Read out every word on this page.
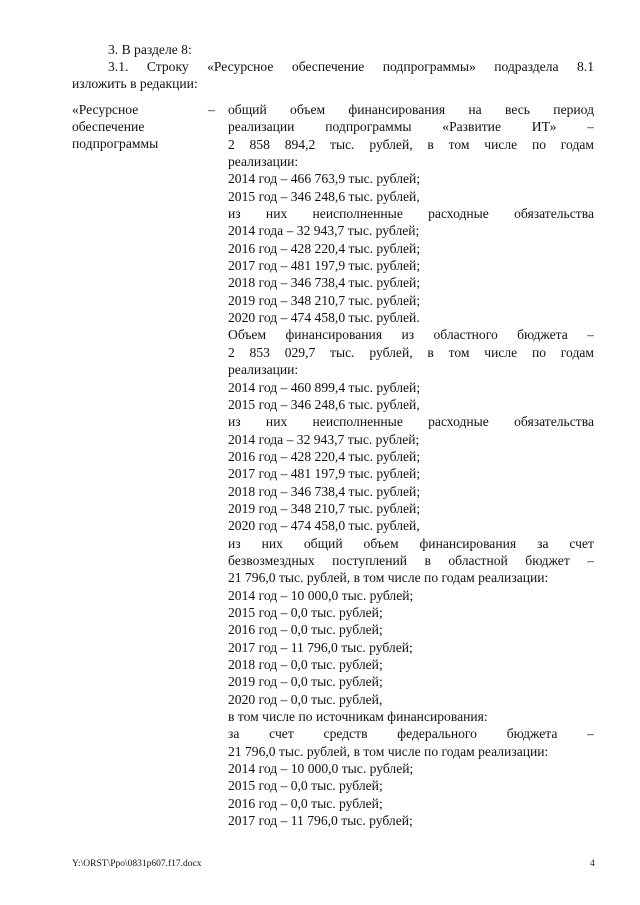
3. В разделе 8:
3.1. Строку «Ресурсное обеспечение подпрограммы» подраздела 8.1
изложить в редакции:
«Ресурсное
обеспечение
подпрограммы
– общий объем финансирования на весь период
реализации подпрограммы «Развитие ИТ» –
2 858 894,2 тыс. рублей, в том числе по годам
реализации:
2014 год – 466 763,9 тыс. рублей;
2015 год – 346 248,6 тыс. рублей,
из них неисполненные расходные обязательства
2014 года – 32 943,7 тыс. рублей;
2016 год – 428 220,4 тыс. рублей;
2017 год – 481 197,9 тыс. рублей;
2018 год – 346 738,4 тыс. рублей;
2019 год – 348 210,7 тыс. рублей;
2020 год – 474 458,0 тыс. рублей.
Объем финансирования из областного бюджета –
2 853 029,7 тыс. рублей, в том числе по годам
реализации:
2014 год – 460 899,4 тыс. рублей;
2015 год – 346 248,6 тыс. рублей,
из них неисполненные расходные обязательства
2014 года – 32 943,7 тыс. рублей;
2016 год – 428 220,4 тыс. рублей;
2017 год – 481 197,9 тыс. рублей;
2018 год – 346 738,4 тыс. рублей;
2019 год – 348 210,7 тыс. рублей;
2020 год – 474 458,0 тыс. рублей,
из них общий объем финансирования за счет
безвозмездных поступлений в областной бюджет –
21 796,0 тыс. рублей, в том числе по годам реализации:
2014 год – 10 000,0 тыс. рублей;
2015 год – 0,0 тыс. рублей;
2016 год – 0,0 тыс. рублей;
2017 год – 11 796,0 тыс. рублей;
2018 год – 0,0 тыс. рублей;
2019 год – 0,0 тыс. рублей;
2020 год – 0,0 тыс. рублей,
в том числе по источникам финансирования:
за счет средств федерального бюджета –
21 796,0 тыс. рублей, в том числе по годам реализации:
2014 год – 10 000,0 тыс. рублей;
2015 год – 0,0 тыс. рублей;
2016 год – 0,0 тыс. рублей;
2017 год – 11 796,0 тыс. рублей;
Y:\ORST\Ppo\0831p607.f17.docx	4
